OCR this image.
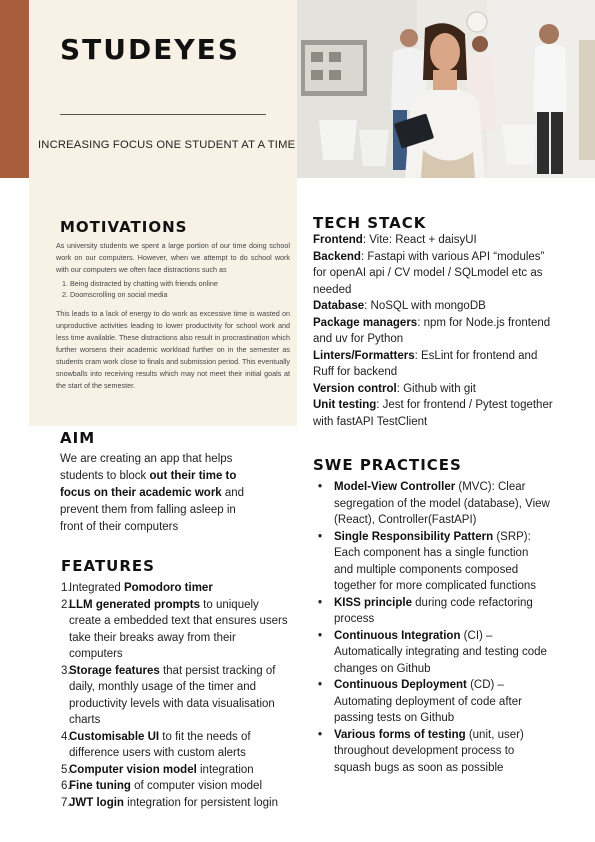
STUDEYES
INCREASING FOCUS ONE STUDENT AT A TIME
MOTIVATIONS

As university students we spent a large portion of our time doing school work on our computers. However, when we attempt to do school work with our computers we often face distractions such as

1. Being distracted by chatting with friends online
2. Doomscrolling on social media

This leads to a lack of energy to do work as excessive time is wasted on unproductive activities leading to lower productivity for school work and less time available. These distractions also result in procrastination which further worsens their academic workload further on in the semester as students cram work close to finals and submission period. This eventually snowballs into receiving results which may not meet their initial goals at the start of the semester.

AIM

We are creating an app that helps students to block out their time to focus on their academic work and prevent them from falling asleep in front of their computers

FEATURES
1.
Integrated Pomodoro timer
2.
LLM generated prompts to uniquely create a embedded text that ensures users take their breaks away from their computers
3.
Storage features that persist tracking of daily, monthly usage of the timer and productivity levels with data visualisation charts
4.
Customisable UI to fit the needs of difference users with custom alerts
5.
Computer vision model integration
6.
Fine tuning of computer vision model
7.
JWT login integration for persistent login
TECH STACK

Frontend: Vite: React + daisyUI

Backend: Fastapi with various API “modules” for openAI api / CV model / SQLmodel etc as needed

Database: NoSQL with mongoDB

Package managers: npm for Node.js frontend and uv for Python

Linters/Formatters: EsLint for frontend and Ruff for backend

Version control: Github with git

Unit testing: Jest for frontend / Pytest together with fastAPI TestClient

SWE PRACTICES
•	Model-View Controller (MVC): Clear segregation of the model (database), View (React), Controller(FastAPI)
•	Single Responsibility Pattern (SRP): Each component has a single function and multiple components composed together for more complicated functions
•	KISS principle during code refactoring process
•	Continuous Integration (CI) – Automatically integrating and testing code changes on Github
•	Continuous Deployment (CD) – Automating deployment of code after passing tests on Github
•	Various forms of testing (unit, user) throughout development process to squash bugs as soon as possible
